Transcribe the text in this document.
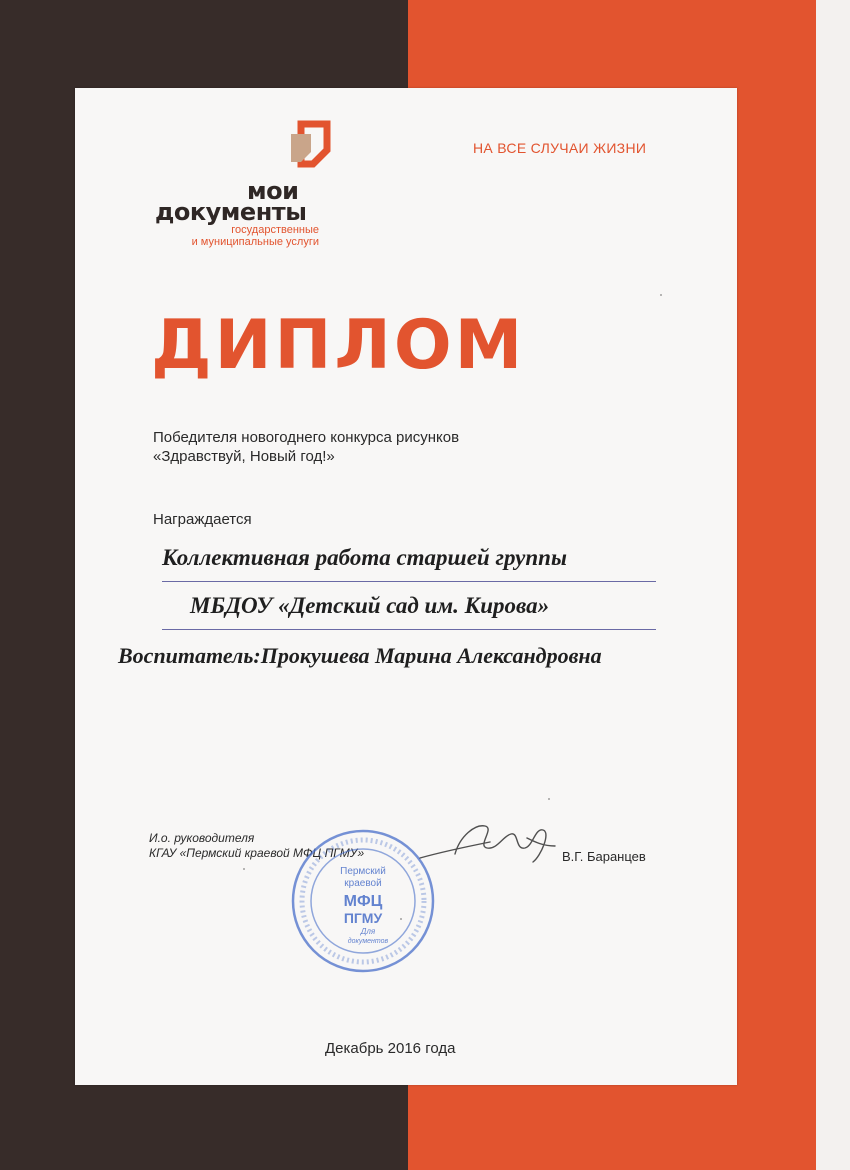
мои
документы
государственные
и муниципальные услуги
НА ВСЕ СЛУЧАИ ЖИЗНИ
ДИПЛОМ
Победителя новогоднего конкурса рисунков
«Здравствуй, Новый год!»
Награждается
Коллективная работа старшей группы
МБДОУ «Детский сад им. Кирова»
Воспитатель:Прокушева Марина Александровна
И.о. руководителя
КГАУ «Пермский краевой МФЦ ПГМУ»
Пермский
краевой
МФЦ
ПГМУ
Для
документов
В.Г. Баранцев
Декабрь 2016 года
